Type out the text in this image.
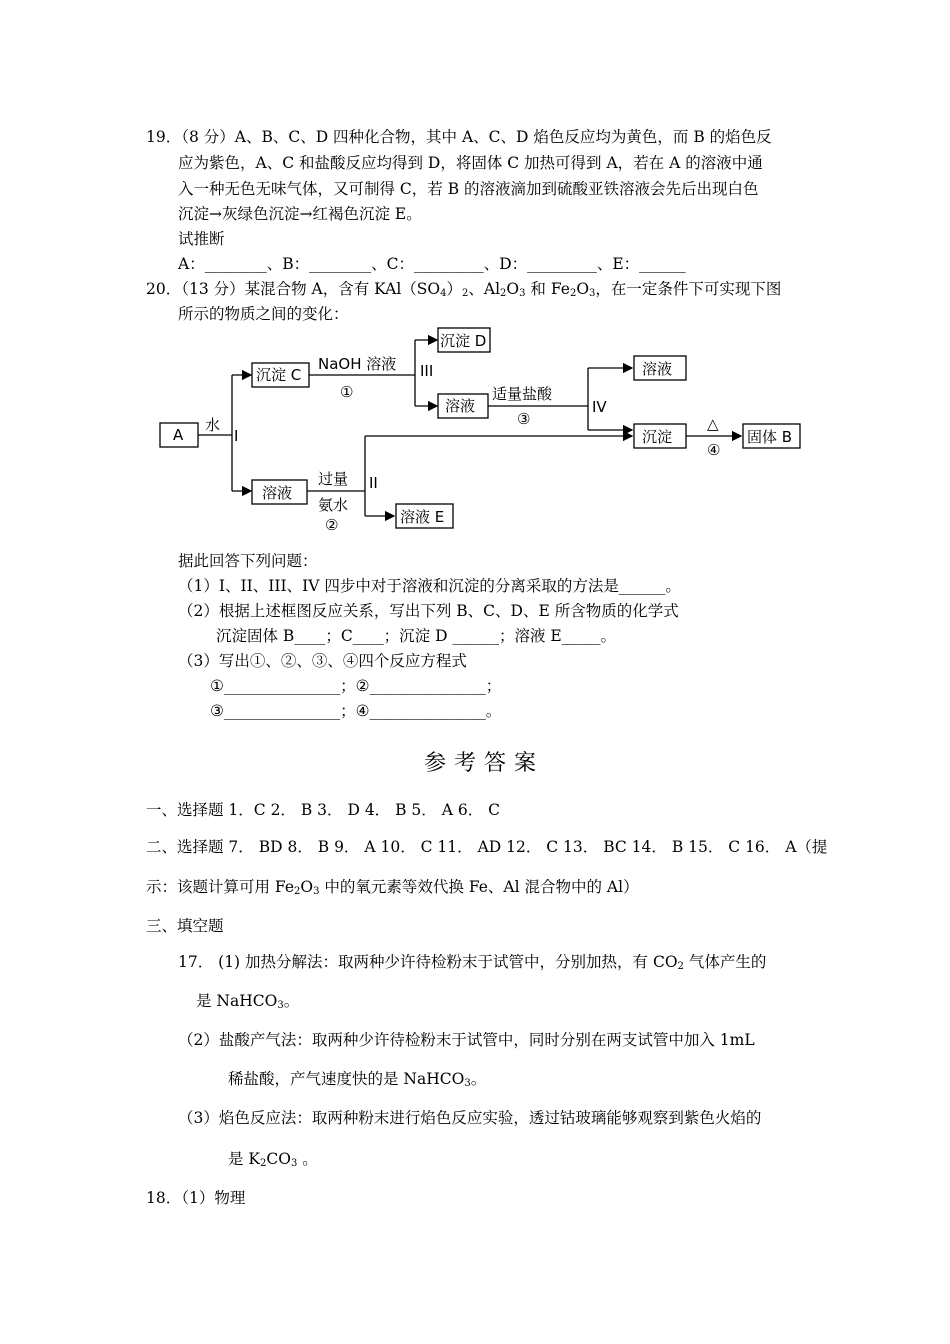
19．（8 分）A、B、C、D 四种化合物，其中 A、C、D 焰色反应均为黄色，而 B 的焰色反
应为紫色，A、C 和盐酸反应均得到 D，将固体 C 加热可得到 A，若在 A 的溶液中通
入一种无色无味气体，又可制得 C，若 B 的溶液滴加到硫酸亚铁溶液会先后出现白色
沉淀→灰绿色沉淀→红褐色沉淀 E。
试推断
A：________、B：________、C：_________、D：_________、E：______
20．（13 分）某混合物 A，含有 $KAl(SO_4)_2$、$Al_2O_3$ 和 $Fe_2O_3$，在一定条件下可实现下图
所示的物质之间的变化：
A
水
I
沉淀 C
NaOH 溶液
①
III
沉淀 D
溶液
适量盐酸
③
IV
溶液
沉淀
△
④
固体 B
溶液
过量
氨水
②
II
溶液 E
据此回答下列问题：
（1）I、II、III、IV 四步中对于溶液和沉淀的分离采取的方法是______。
（2）根据上述框图反应关系，写出下列 B、C、D、E 所含物质的化学式
沉淀固体 B____；C____；沉淀 D ______；溶液 E_____。
（3）写出①、②、③、④四个反应方程式
①_______________；②_______________；
③_______________；④_______________。
参考答案
一、选择题 1．C 2． B 3． D 4． B 5． A 6． C
二、选择题 7． BD 8． B 9． A 10． C 11． AD 12． C 13． BC 14． B 15． C 16． A（提
示：该题计算可用 $Fe_2O_3$ 中的氧元素等效代换 Fe、Al 混合物中的 Al）
三、填空题
17． (1) 加热分解法：取两种少许待检粉末于试管中，分别加热，有 $CO_2$ 气体产生的
是 NaHCO$_3$。
（2）盐酸产气法：取两种少许待检粉末于试管中，同时分别在两支试管中加入 1mL
稀盐酸，产气速度快的是 NaHCO$_3$。
（3）焰色反应法：取两种粉末进行焰色反应实验，透过钴玻璃能够观察到紫色火焰的
是 $K_2CO_3$ 。
18．（1）物理
